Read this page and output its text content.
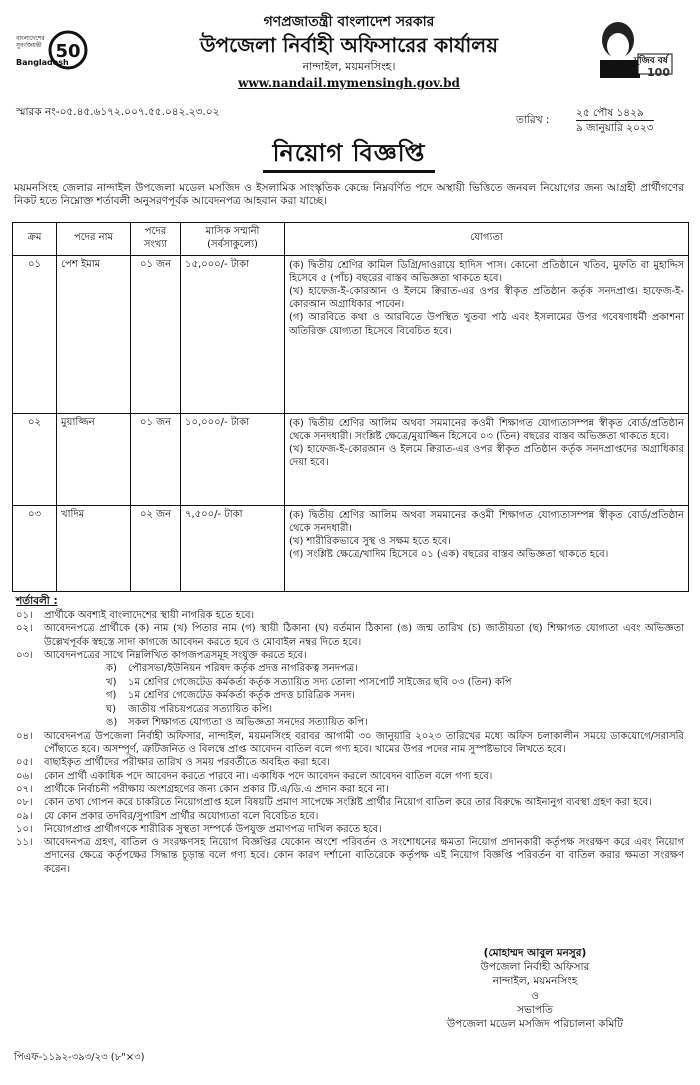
50
বাংলাদেশের সুবর্ণজয়ন্তী
Bangladesh
গণপ্রজাতন্ত্রী বাংলাদেশ সরকার
উপজেলা নির্বাহী অফিসারের কার্যালয়
নান্দাইল, ময়মনসিংহ।
www.nandail.mymensingh.gov.bd
100
মুজিব বর্ষ
স্মারক নং-০৫.৪৫.৬১৭২.০০৭.৫৫.০৪২.২৩.০২
তারিখ :
২৫ পৌষ ১৪২৯
৯ জানুয়ারি ২০২৩
নিয়োগ বিজ্ঞপ্তি
ময়মনসিংহ জেলার নান্দাইল উপজেলা মডেল মসজিদ ও ইসলামিক সাংস্কৃতিক কেন্দ্রে নিম্নবর্ণিত পদে অস্থায়ী ভিত্তিতে জনবল নিয়োগের জন্য আগ্রহী প্রার্থীগণের নিকট হতে নিম্নোক্ত শর্তাবলী অনুসরণপূর্বক আবেদনপত্র আহবান করা যাচ্ছে।
ক্রম	পদের নাম	পদের সংখ্যা	মাসিক সম্মানী (সর্বসাকুল্যে)	যোগ্যতা
০১	পেশ ইমাম	০১ জন	১৫,০০০/- টাকা	(ক) দ্বিতীয় শ্রেণির কামিল ডিগ্রি/দাওরায়ে হাদিস পাস। কোনো প্রতিষ্ঠানে খতিব, মুফতি বা মুহাদ্দিস হিসেবে ৫ (পাঁচ) বছরের বাস্তব অভিজ্ঞতা থাকতে হবে।
(খ) হাফেজ-ই-কোরআন ও ইলমে ক্বিরাত-এর ওপর স্বীকৃত প্রতিষ্ঠান কর্তৃক সনদপ্রাপ্ত। হাফেজ-ই-কোরআন অগ্রাধিকার পাবেন।
(গ) আরবিতে কথা ও আরবিতে উপস্থিত খুতবা পাঠ এবং ইসলামের উপর গবেষণাধর্মী প্রকাশনা অতিরিক্ত যোগ্যতা হিসেবে বিবেচিত হবে।

০২	মুয়াজ্জিন	০১ জন	১০,০০০/- টাকা	(ক) দ্বিতীয় শ্রেণির আলিম অথবা সমমানের কওমী শিক্ষাগত যোগ্যতাসম্পন্ন স্বীকৃত বোর্ড/প্রতিষ্ঠান থেকে সনদধারী। সংশ্লিষ্ট ক্ষেত্রে/মুয়াজ্জিন হিসেবে ০৩ (তিন) বছরের বাস্তব অভিজ্ঞতা থাকতে হবে।
(খ) হাফেজ-ই-কোরআন ও ইলমে ক্বিরাত-এর ওপর স্বীকৃত প্রতিষ্ঠান কর্তৃক সনদপ্রাপ্তদের অগ্রাধিকার দেয়া হবে।

০৩	খাদিম	০২ জন	৭,৫০০/- টাকা	(ক) দ্বিতীয় শ্রেণির আলিম অথবা সমমানের কওমী শিক্ষাগত যোগ্যতাসম্পন্ন স্বীকৃত বোর্ড/প্রতিষ্ঠান থেকে সনদধারী।
(খ) শারীরিকভাবে সুস্থ ও সক্ষম হতে হবে।
(গ) সংশ্লিষ্ট ক্ষেত্রে/খাদিম হিসেবে ০১ (এক) বছরের বাস্তব অভিজ্ঞতা থাকতে হবে।
শর্তাবলী :
০১।	প্রার্থীকে অবশ্যই বাংলাদেশের স্থায়ী নাগরিক হতে হবে।
০২।	আবেদনপত্রে প্রার্থীকে (ক) নাম (খ) পিতার নাম (গ) স্থায়ী ঠিকানা (ঘ) বর্তমান ঠিকানা (ঙ) জন্ম তারিখ (চ) জাতীয়তা (ছ) শিক্ষাগত যোগ্যতা এবং অভিজ্ঞতা উল্লেখপূর্বক স্বহস্তে সাদা কাগজে আবেদন করতে হবে ও মোবাইল নম্বর দিতে হবে।
০৩।	আবেদনপত্রের সাথে নিম্নলিখিত কাগজপত্রসমূহ সংযুক্ত করতে হবে।
ক)	পৌরসভা/ইউনিয়ন পরিষদ কর্তৃক প্রদত্ত নাগরিকত্ব সনদপত্র।
খ)	১ম শ্রেণির গেজেটেড কর্মকর্তা কর্তৃক সত্যায়িত সদ্য তোলা পাসপোর্ট সাইজের ছবি ০৩ (তিন) কপি
গ)	১ম শ্রেণির গেজেটেড কর্মকর্তা কর্তৃক প্রদত্ত চারিত্রিক সনদ।
ঘ)	জাতীয় পরিচয়পত্রের সত্যায়িত কপি।
ঙ)	সকল শিক্ষাগত যোগ্যতা ও অভিজ্ঞতা সনদের সত্যায়িত কপি।
০৪।	আবেদনপত্র উপজেলা নির্বাহী অফিসার, নান্দাইল, ময়মনসিংহ বরাবর আগামী ৩০ জানুয়ারি ২০২৩ তারিখের মধ্যে অফিস চলাকালীন সময়ে ডাকযোগে/সরাসরি পৌঁছাতে হবে। অসম্পূর্ণ, ত্রুটিজনিত ও বিলম্বে প্রাপ্ত আবেদন বাতিল বলে গণ্য হবে। খামের উপর পদের নাম সুস্পষ্টভাবে লিখতে হবে।
০৫।	বাছাইকৃত প্রার্থীদের পরীক্ষার তারিখ ও সময় পরবর্তীতে অবহিত করা হবে।
০৬।	কোন প্রার্থী একাধিক পদে আবেদন করতে পারবে না। একাধিক পদে আবেদন করলে আবেদন বাতিল বলে গণ্য হবে।
০৭।	প্রার্থীকে নির্বাচনী পরীক্ষায় অংশগ্রহণের জন্য কোন প্রকার টি.এ/ডি.এ প্রদান করা হবে না।
০৮।	কোন তথ্য গোপন করে চাকরিতে নিয়োগপ্রাপ্ত হলে বিষয়টি প্রমাণ সাপেক্ষে সংশ্লিষ্ট প্রার্থীর নিয়োগ বাতিল করে তার বিরুদ্ধে আইনানুগ ব্যবস্থা গ্রহণ করা হবে।
০৯।	যে কোন প্রকার তদবির/সুপারিশ প্রার্থীর অযোগ্যতা বলে বিবেচিত হবে।
১০।	নিয়োগপ্রাপ্ত প্রার্থীগণকে শারীরিক সুস্থতা সম্পর্কে উপযুক্ত প্রমাণপত্র দাখিল করতে হবে।
১১।	আবেদনপত্র গ্রহণ, বাতিল ও সংরক্ষণসহ নিয়োগ বিজ্ঞপ্তির যেকোন অংশে পরিবর্তন ও সংশোধনের ক্ষমতা নিয়োগ প্রদানকারী কর্তৃপক্ষ সংরক্ষণ করে এবং নিয়োগ প্রদানের ক্ষেত্রে কর্তৃপক্ষের সিদ্ধান্ত চূড়ান্ত বলে গণ্য হবে। কোন কারণ দর্শানো ব্যতিরেকে কর্তৃপক্ষ এই নিয়োগ বিজ্ঞপ্তি পরিবর্তন বা বাতিল করার ক্ষমতা সংরক্ষণ করেন।
(মোহাম্মদ আবুল মনসুর)
উপজেলা নির্বাহী অফিসার
নান্দাইল, ময়মনসিংহ
ও
সভাপতি
উপজেলা মডেল মসজিদ পরিচালনা কমিটি
পিএফ-১১৯২-৩৯৩/২৩ (৮"×৩)
